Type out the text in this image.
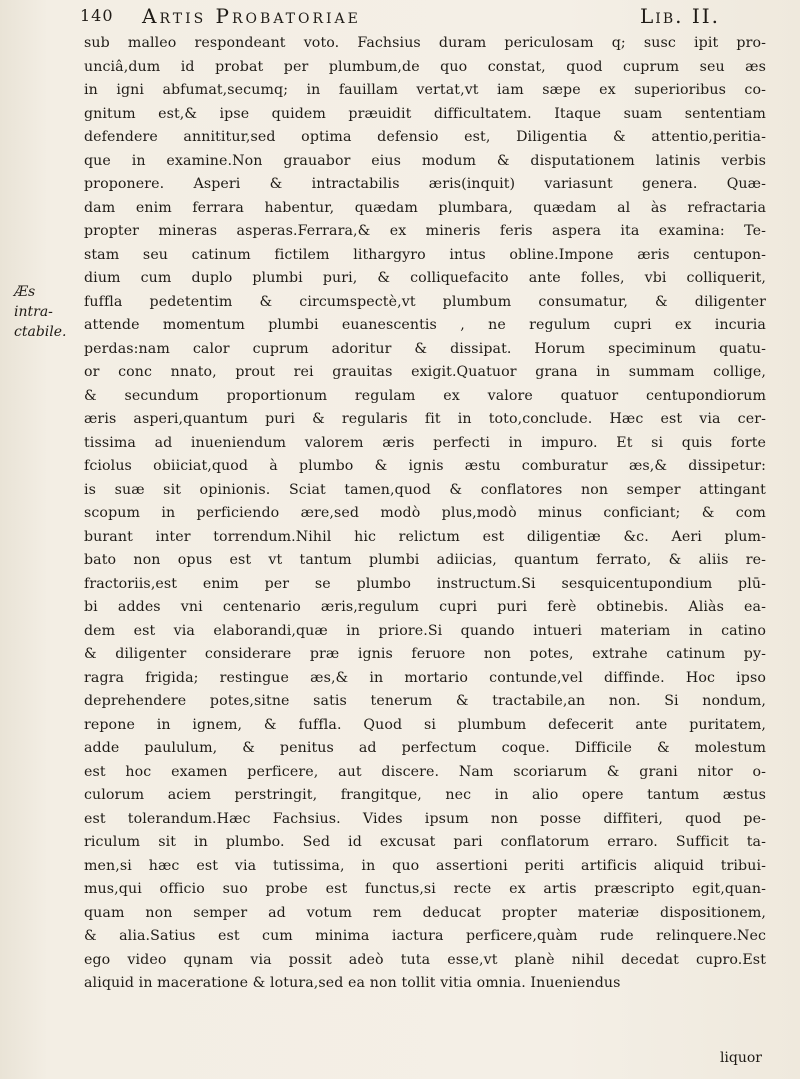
140 Artis Probatoriae	Lib. II.
Æs intra-ctabile.
sub malleo respondeant voto. Fachsius duram periculosam q; susc ipit pro-
unciâ,dum id probat per plumbum,de quo constat, quod cuprum seu æs
in igni abfumat,secumq; in fauillam vertat,vt iam sæpe ex superioribus co-
gnitum est,& ipse quidem præuidit difficultatem. Itaque suam sententiam
defendere annititur,sed optima defensio est, Diligentia & attentio,peritia-
que in examine.Non grauabor eius modum & disputationem latinis verbis
proponere. Asperi & intractabilis æris(inquit) variasunt genera. Quæ-
dam enim ferrara habentur, quædam plumbara, quædam al às refractaria
propter mineras asperas.Ferrara,& ex mineris feris aspera ita examina: Te-
stam seu catinum fictilem lithargyro intus obline.Impone æris centupon-
dium cum duplo plumbi puri, & colliquefacito ante folles, vbi colliquerit,
fuffla pedetentim & circumspectè,vt plumbum consumatur, & diligenter
attende momentum plumbi euanescentis , ne regulum cupri ex incuria
perdas:nam calor cuprum adoritur & dissipat. Horum speciminum quatu-
or conc nnato, prout rei grauitas exigit.Quatuor grana in summam collige,
& secundum proportionum regulam ex valore quatuor centupondiorum
æris asperi,quantum puri & regularis fit in toto,conclude. Hæc est via cer-
tissima ad inueniendum valorem æris perfecti in impuro. Et si quis forte
fciolus obiiciat,quod à plumbo & ignis æstu comburatur æs,& dissipetur:
is suæ sit opinionis. Sciat tamen,quod & conflatores non semper attingant
scopum in perficiendo ære,sed modò plus,modò minus conficiant; & com
burant inter torrendum.Nihil hic relictum est diligentiæ &c. Aeri plum-
bato non opus est vt tantum plumbi adiicias, quantum ferrato, & aliis re-
fractoriis,est enim per se plumbo instructum.Si sesquicentupondium plū-
bi addes vni centenario æris,regulum cupri puri ferè obtinebis. Aliàs ea-
dem est via elaborandi,quæ in priore.Si quando intueri materiam in catino
& diligenter considerare præ ignis feruore non potes, extrahe catinum py-
ragra frigida; restingue æs,& in mortario contunde,vel diffinde. Hoc ipso
deprehendere potes,sitne satis tenerum & tractabile,an non. Si nondum,
repone in ignem, & fuffla. Quod si plumbum defecerit ante puritatem,
adde paululum, & penitus ad perfectum coque. Difficile & molestum
est hoc examen perficere, aut discere. Nam scoriarum & grani nitor o-
culorum aciem perstringit, frangitque, nec in alio opere tantum æstus
est tolerandum.Hæc Fachsius. Vides ipsum non posse diffiteri, quod pe-
riculum sit in plumbo. Sed id excusat pari conflatorum erraro. Sufficit ta-
men,si hæc est via tutissima, in quo assertioni periti artificis aliquid tribui-
mus,qui officio suo probe est functus,si recte ex artis præscripto egit,quan-
quam non semper ad votum rem deducat propter materiæ dispositionem,
& alia.Satius est cum minima iactura perficere,quàm rude relinquere.Nec
ego video qu̧nam via possit adeò tuta esse,vt planè nihil decedat cupro.Est
aliquid in maceratione & lotura,sed ea non tollit vitia omnia. Inueniendus
liquor
